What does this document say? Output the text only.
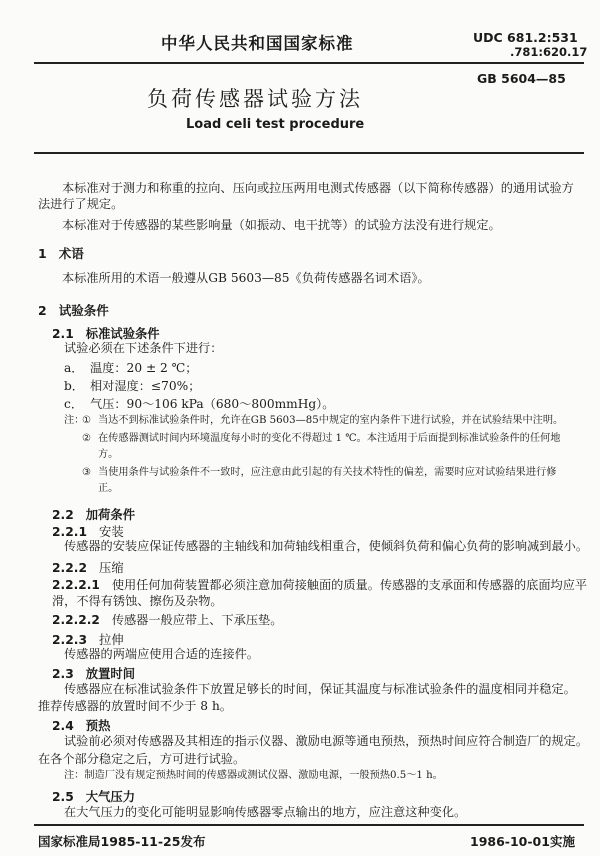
中华人民共和国国家标准	UDC 681.2:531
.781:620.17
GB 5604—85
负荷传感器试验方法
Load celi test procedure
本标准对于测力和称重的拉向、压向或拉压两用电测式传感器（以下简称传感器）的通用试验方
法进行了规定。
本标准对于传感器的某些影响量（如振动、电干扰等）的试验方法没有进行规定。
1 术语
本标准所用的术语一般遵从GB 5603—85《负荷传感器名词术语》。
2 试验条件
2.1 标准试验条件
试验必须在下述条件下进行：
a． 温度：20 ± 2 ℃；
b． 相对湿度：≤70%；
c． 气压：90～106 kPa（680～800mmHg）。
注：
① 当达不到标准试验条件时，允许在GB 5603—85中规定的室内条件下进行试验，并在试验结果中注明。
② 在传感器测试时间内环境温度每小时的变化不得超过 1 ℃。本注适用于后面提到标准试验条件的任何地
方。
③ 当使用条件与试验条件不一致时，应注意由此引起的有关技术特性的偏差，需要时应对试验结果进行修
正。
2.2 加荷条件
2.2.1 安装
传感器的安装应保证传感器的主轴线和加荷轴线相重合，使倾斜负荷和偏心负荷的影响减到最小。
2.2.2 压缩
2.2.2.1 使用任何加荷装置都必须注意加荷接触面的质量。传感器的支承面和传感器的底面均应平
滑，不得有锈蚀、擦伤及杂物。
2.2.2.2 传感器一般应带上、下承压垫。
2.2.3 拉伸
传感器的两端应使用合适的连接件。
2.3 放置时间
传感器应在标准试验条件下放置足够长的时间，保证其温度与标准试验条件的温度相同并稳定。
推荐传感器的放置时间不少于 8 h。
2.4 预热
试验前必须对传感器及其相连的指示仪器、激励电源等通电预热，预热时间应符合制造厂的规定。
在各个部分稳定之后，方可进行试验。
注：制造厂没有规定预热时间的传感器或测试仪器、激励电源，一般预热0.5～1 h。
2.5 大气压力
在大气压力的变化可能明显影响传感器零点输出的地方，应注意这种变化。
国家标准局1985-11-25发布	1986-10-01实施
